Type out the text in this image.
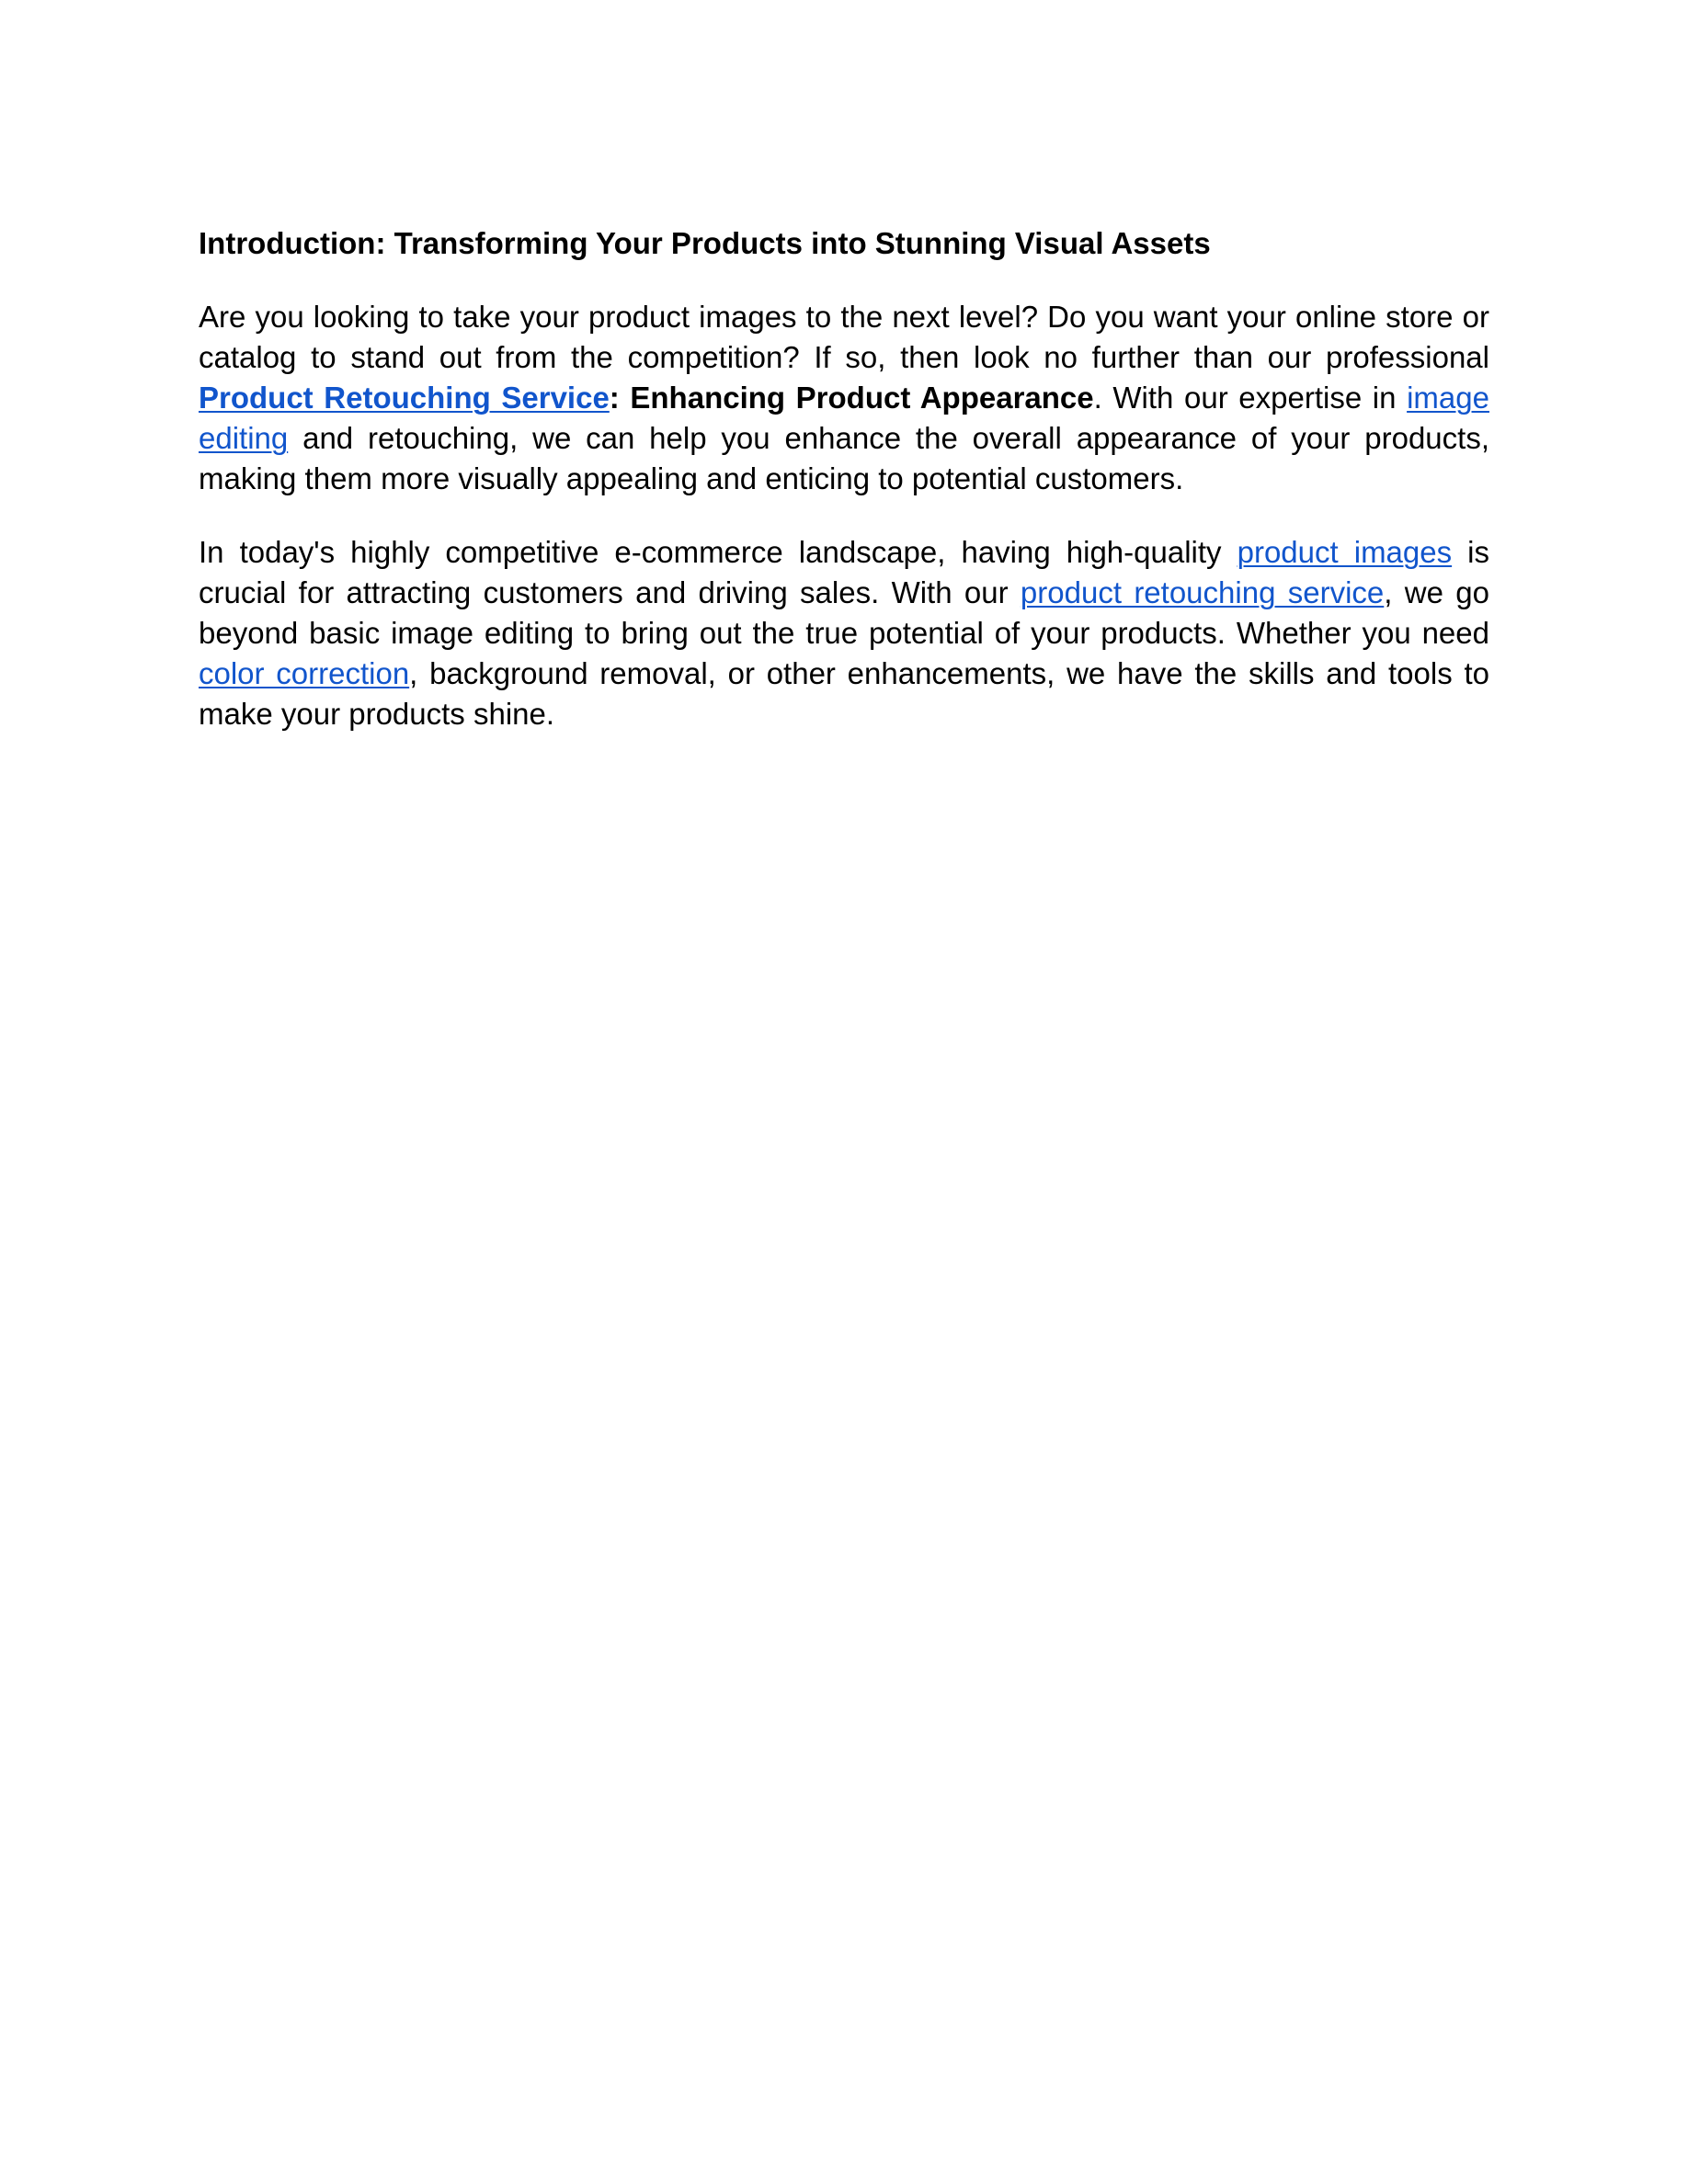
Introduction: Transforming Your Products into Stunning Visual Assets

Are you looking to take your product images to the next level? Do you want your online store or catalog to stand out from the competition? If so, then look no further than our professional Product Retouching Service: Enhancing Product Appearance. With our expertise in image editing and retouching, we can help you enhance the overall appearance of your products, making them more visually appealing and enticing to potential customers.

In today's highly competitive e-commerce landscape, having high-quality product images is crucial for attracting customers and driving sales. With our product retouching service, we go beyond basic image editing to bring out the true potential of your products. Whether you need color correction, background removal, or other enhancements, we have the skills and tools to make your products shine.
